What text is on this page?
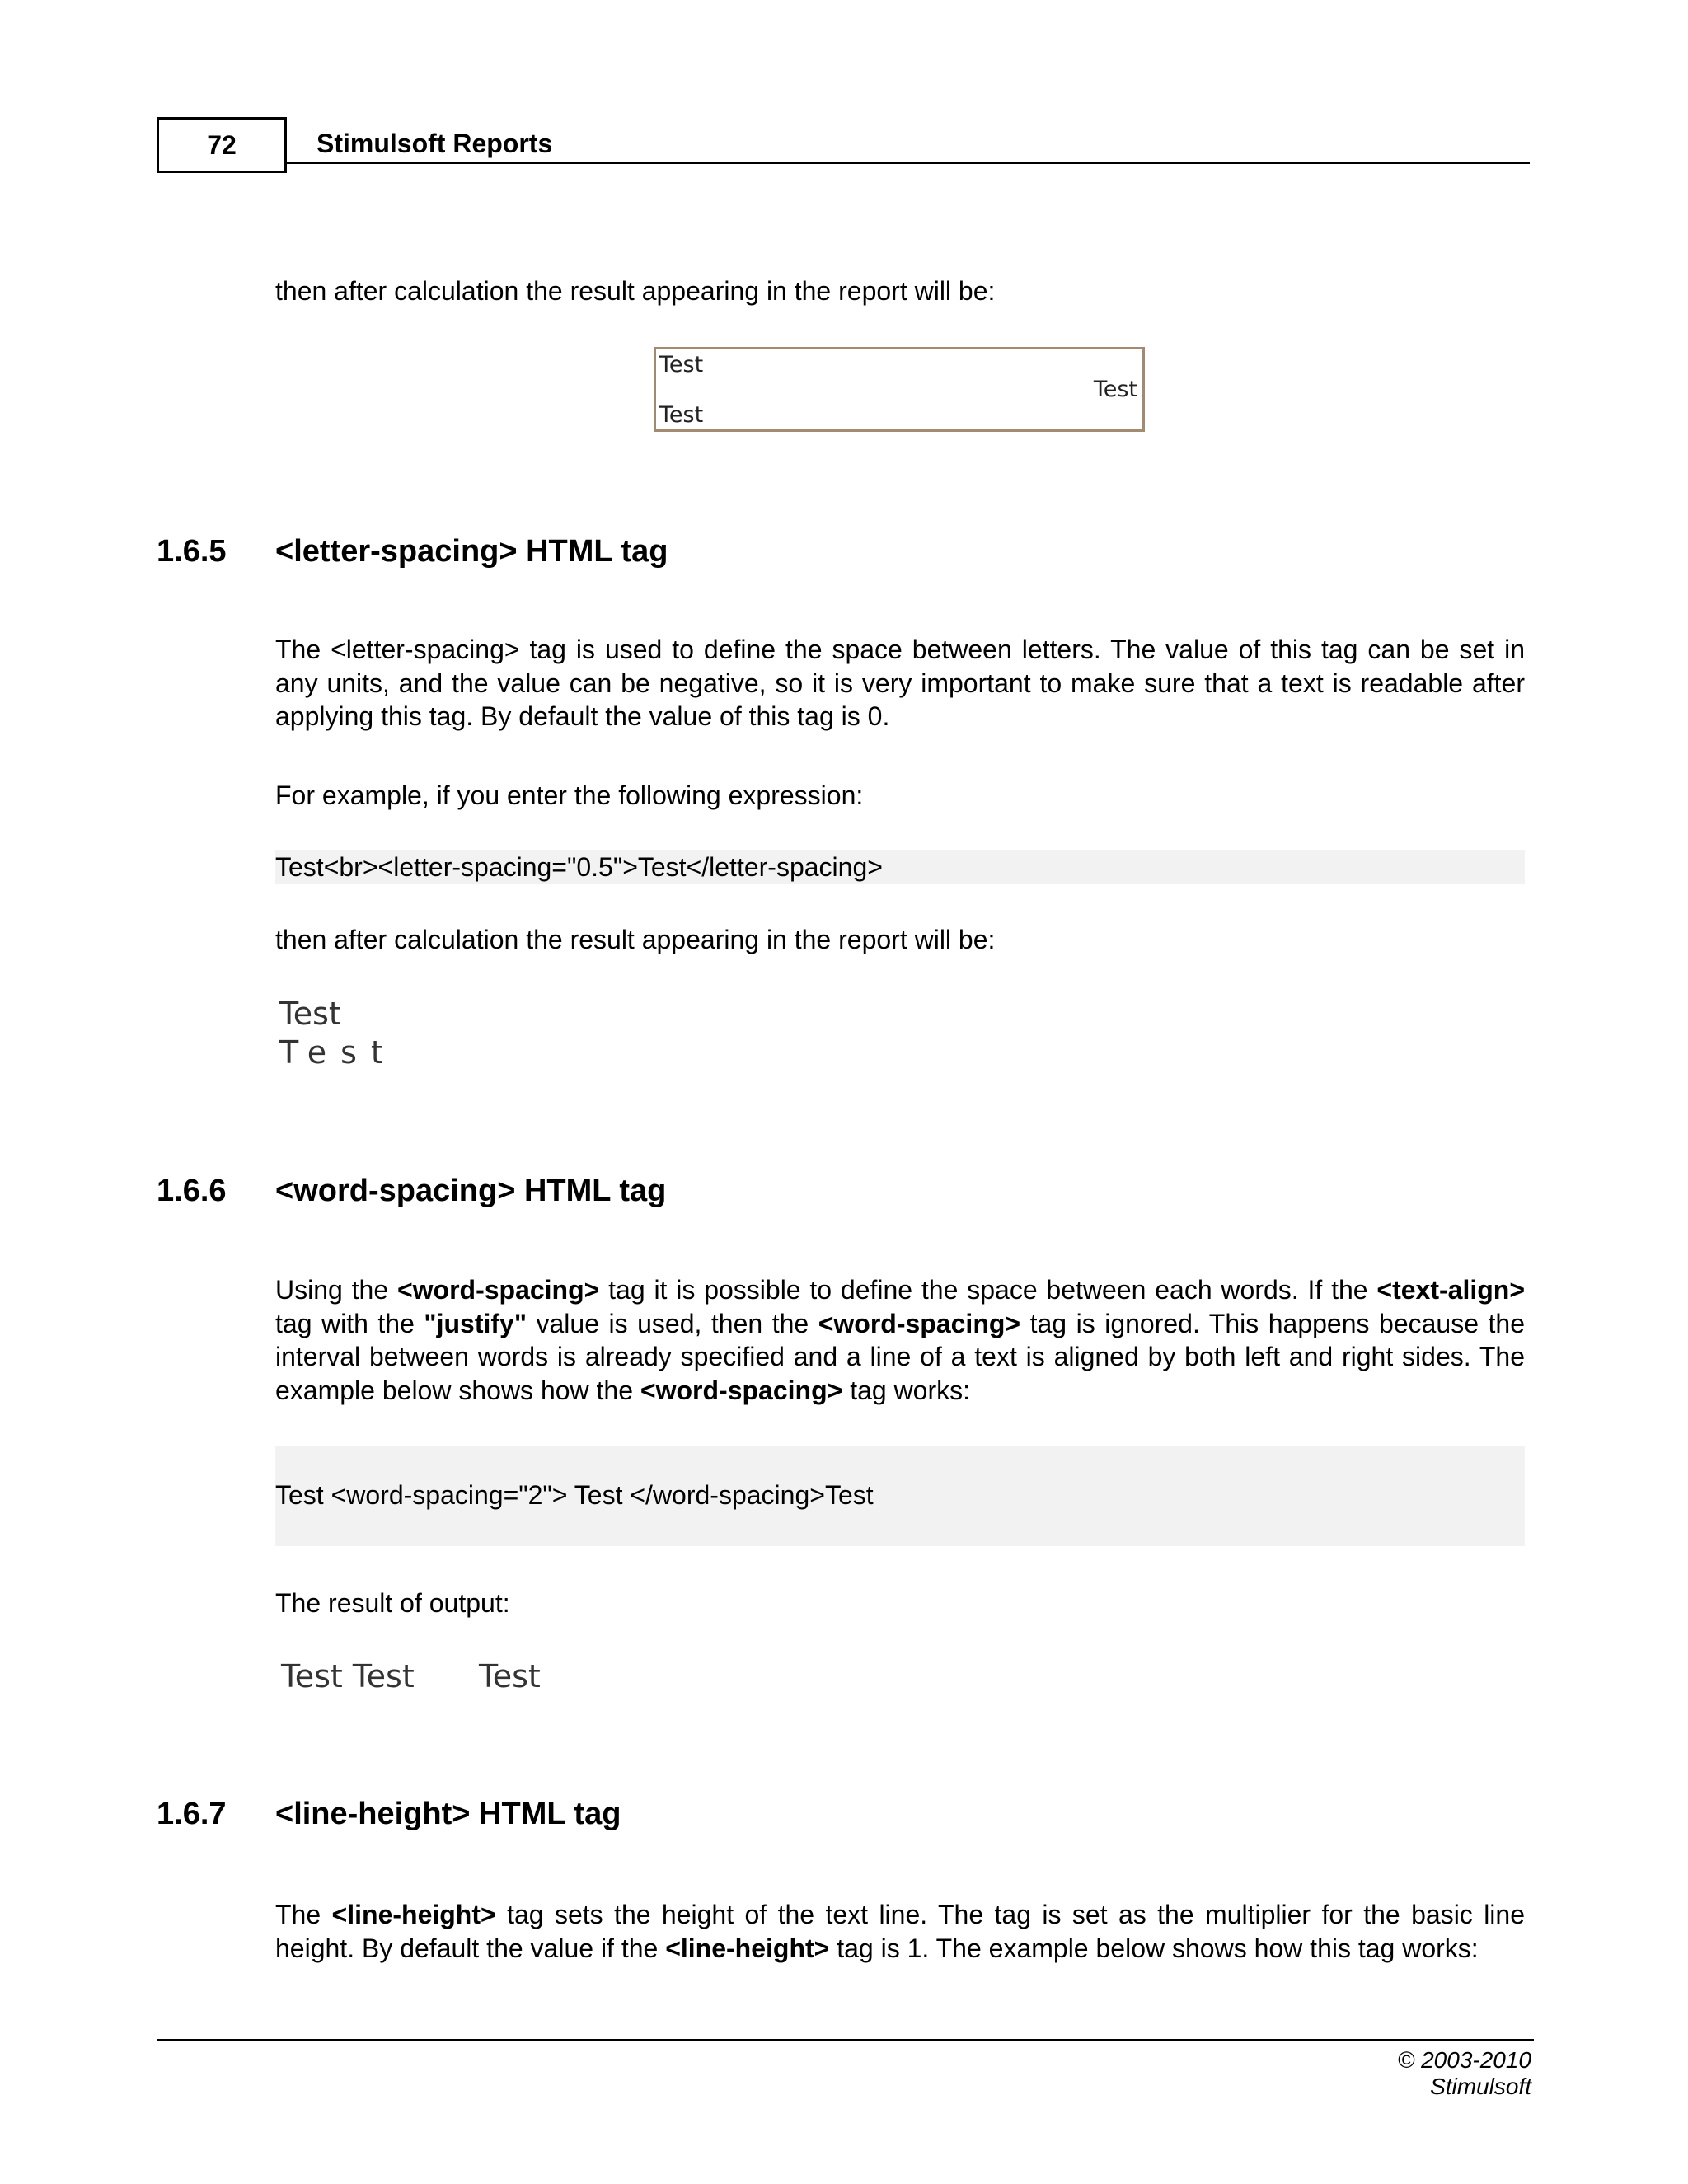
72	Stimulsoft Reports
then after calculation the result appearing in the report will be:
Test
Test
Test
1.6.5 <letter-spacing> HTML tag
The <letter-spacing> tag is used to define the space between letters. The value of this tag can be set in any units, and the value can be negative, so it is very important to make sure that a text is readable after applying this tag. By default the value of this tag is 0.
For example, if you enter the following expression:
Test<br><letter-spacing="0.5">Test</letter-spacing>
then after calculation the result appearing in the report will be:
Test
Test
1.6.6 <word-spacing> HTML tag
Using the <word-spacing> tag it is possible to define the space between each words. If the <text-align> tag with the "justify" value is used, then the <word-spacing> tag is ignored. This happens because the interval between words is already specified and a line of a text is aligned by both left and right sides. The example below shows how the <word-spacing> tag works:
Test <word-spacing="2"> Test </word-spacing>Test
The result of output:
Test Test Test
1.6.7 <line-height> HTML tag
The <line-height> tag sets the height of the text line. The tag is set as the multiplier for the basic line height. By default the value if the <line-height> tag is 1. The example below shows how this tag works:
© 2003-2010 Stimulsoft
